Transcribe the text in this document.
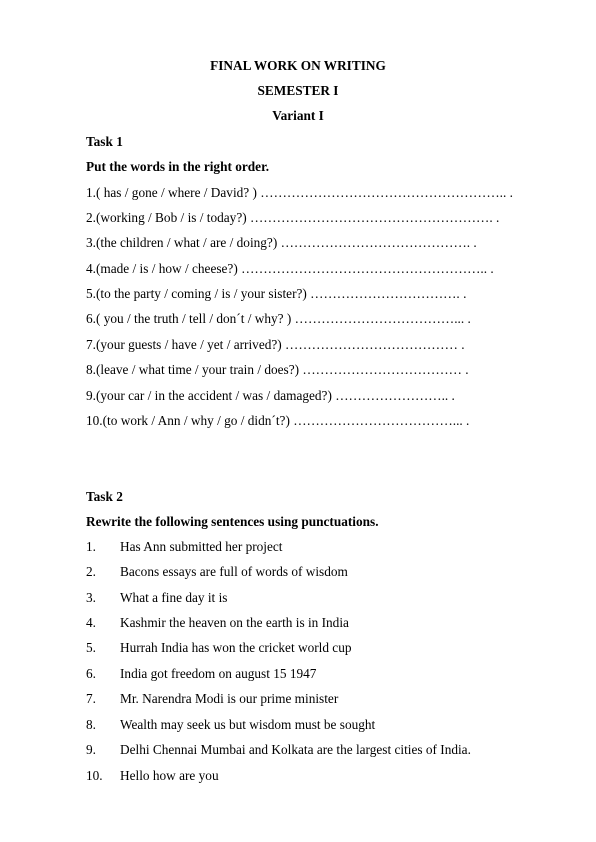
FINAL WORK ON WRITING
SEMESTER I
Variant I
Task 1
Put the words in the right order.
1.( has / gone / where / David? ) ……………………………………………….. .
2.(working / Bob / is / today?) ………………………………………………. .
3.(the children / what / are / doing?) ……………………………………. .
4.(made / is / how / cheese?) ……………………………………………….. .
5.(to the party / coming / is / your sister?) ……………………………. .
6.( you / the truth / tell / don´t / why? ) ………………………………... .
7.(your guests / have / yet / arrived?) ………………………………… .
8.(leave / what time / your train / does?) ……………………………… .
9.(your car / in the accident / was / damaged?) …………………….. .
10.(to work / Ann / why / go / didn´t?) ………………………………... .
Task 2
Rewrite the following sentences using punctuations.
1. Has Ann submitted her project
2. Bacons essays are full of words of wisdom
3. What a fine day it is
4. Kashmir the heaven on the earth is in India
5. Hurrah India has won the cricket world cup
6. India got freedom on august 15 1947
7. Mr. Narendra Modi is our prime minister
8. Wealth may seek us but wisdom must be sought
9. Delhi Chennai Mumbai and Kolkata are the largest cities of India.
10. Hello how are you
